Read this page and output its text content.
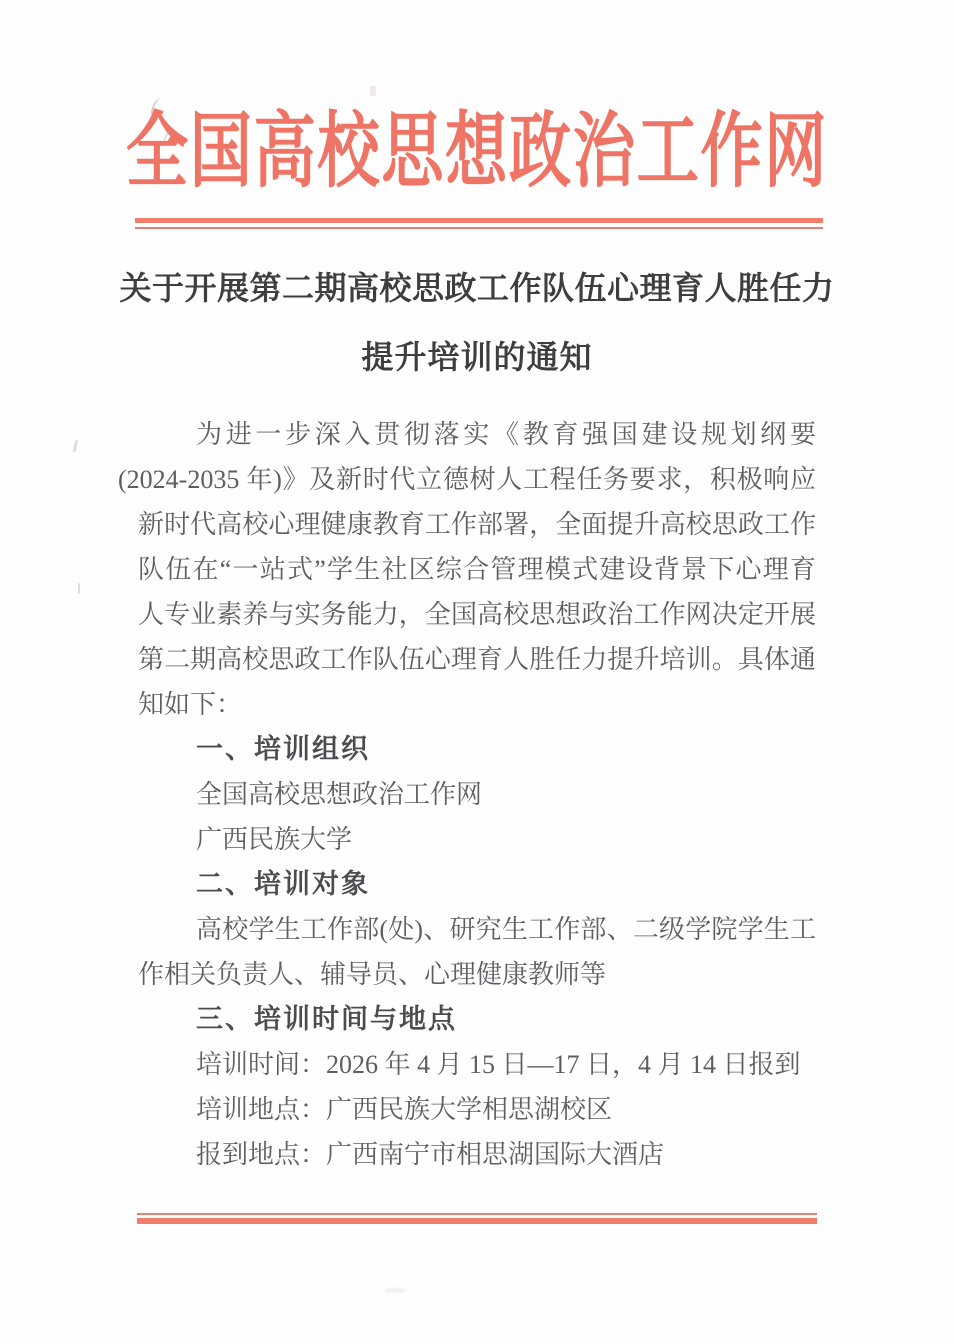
全国高校思想政治工作网
关于开展第二期高校思政工作队伍心理育人胜任力
提升培训的通知
为进一步深入贯彻落实《教育强国建设规划纲要
(2024-2035 年)》及新时代立德树人工程任务要求，积极响应
新时代高校心理健康教育工作部署，全面提升高校思政工作
队伍在“一站式”学生社区综合管理模式建设背景下心理育
人专业素养与实务能力，全国高校思想政治工作网决定开展
第二期高校思政工作队伍心理育人胜任力提升培训。具体通
知如下：
一、培训组织
全国高校思想政治工作网
广西民族大学
二、培训对象
高校学生工作部(处)、研究生工作部、二级学院学生工
作相关负责人、辅导员、心理健康教师等
三、培训时间与地点
培训时间：2026 年 4 月 15 日—17 日，4 月 14 日报到
培训地点：广西民族大学相思湖校区
报到地点：广西南宁市相思湖国际大酒店
